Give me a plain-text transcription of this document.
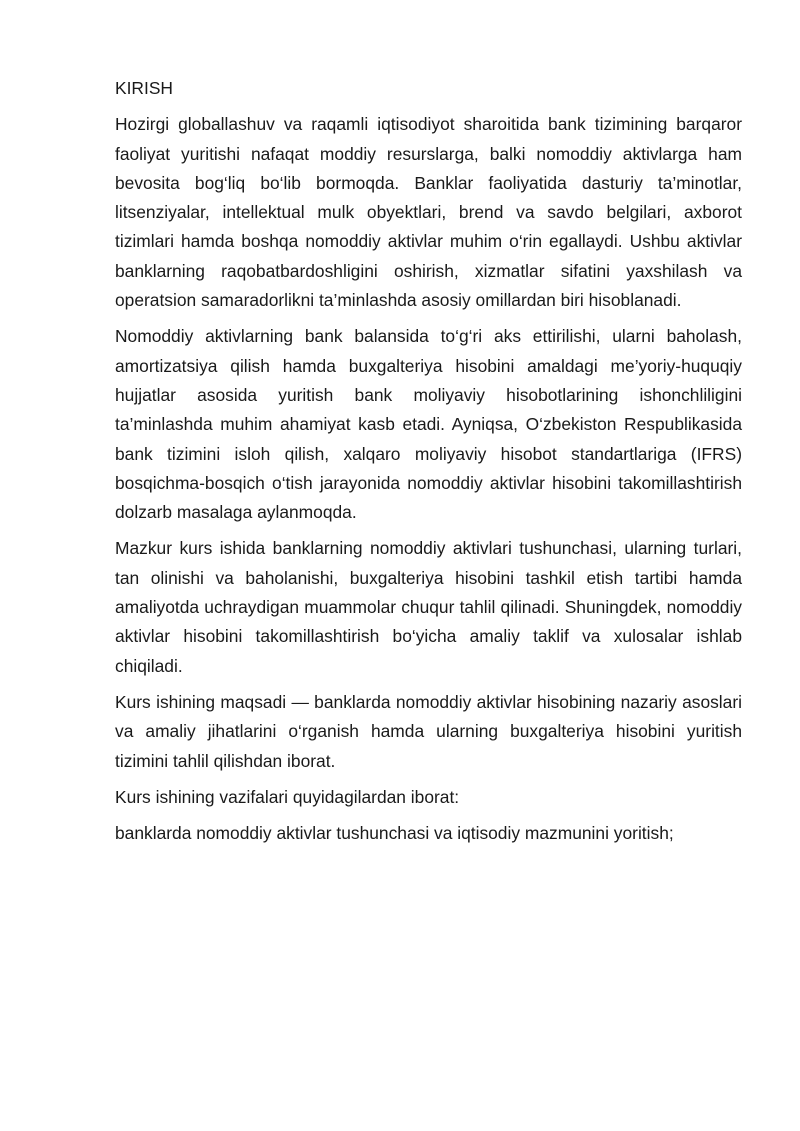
KIRISH

Hozirgi globallashuv va raqamli iqtisodiyot sharoitida bank tizimining barqaror faoliyat yuritishi nafaqat moddiy resurslarga, balki nomoddiy aktivlarga ham bevosita bog‘liq bo‘lib bormoqda. Banklar faoliyatida dasturiy ta’minotlar, litsenziyalar, intellektual mulk obyektlari, brend va savdo belgilari, axborot tizimlari hamda boshqa nomoddiy aktivlar muhim o‘rin egallaydi. Ushbu aktivlar banklarning raqobatbardoshligini oshirish, xizmatlar sifatini yaxshilash va operatsion samaradorlikni ta’minlashda asosiy omillardan biri hisoblanadi.

Nomoddiy aktivlarning bank balansida to‘g‘ri aks ettirilishi, ularni baholash, amortizatsiya qilish hamda buxgalteriya hisobini amaldagi me’yoriy-huquqiy hujjatlar asosida yuritish bank moliyaviy hisobotlarining ishonchliligini ta’minlashda muhim ahamiyat kasb etadi. Ayniqsa, O‘zbekiston Respublikasida bank tizimini isloh qilish, xalqaro moliyaviy hisobot standartlariga (IFRS) bosqichma-bosqich o‘tish jarayonida nomoddiy aktivlar hisobini takomillashtirish dolzarb masalaga aylanmoqda.

Mazkur kurs ishida banklarning nomoddiy aktivlari tushunchasi, ularning turlari, tan olinishi va baholanishi, buxgalteriya hisobini tashkil etish tartibi hamda amaliyotda uchraydigan muammolar chuqur tahlil qilinadi. Shuningdek, nomoddiy aktivlar hisobini takomillashtirish bo‘yicha amaliy taklif va xulosalar ishlab chiqiladi.

Kurs ishining maqsadi — banklarda nomoddiy aktivlar hisobining nazariy asoslari va amaliy jihatlarini o‘rganish hamda ularning buxgalteriya hisobini yuritish tizimini tahlil qilishdan iborat.

Kurs ishining vazifalari quyidagilardan iborat:

banklarda nomoddiy aktivlar tushunchasi va iqtisodiy mazmunini yoritish;
